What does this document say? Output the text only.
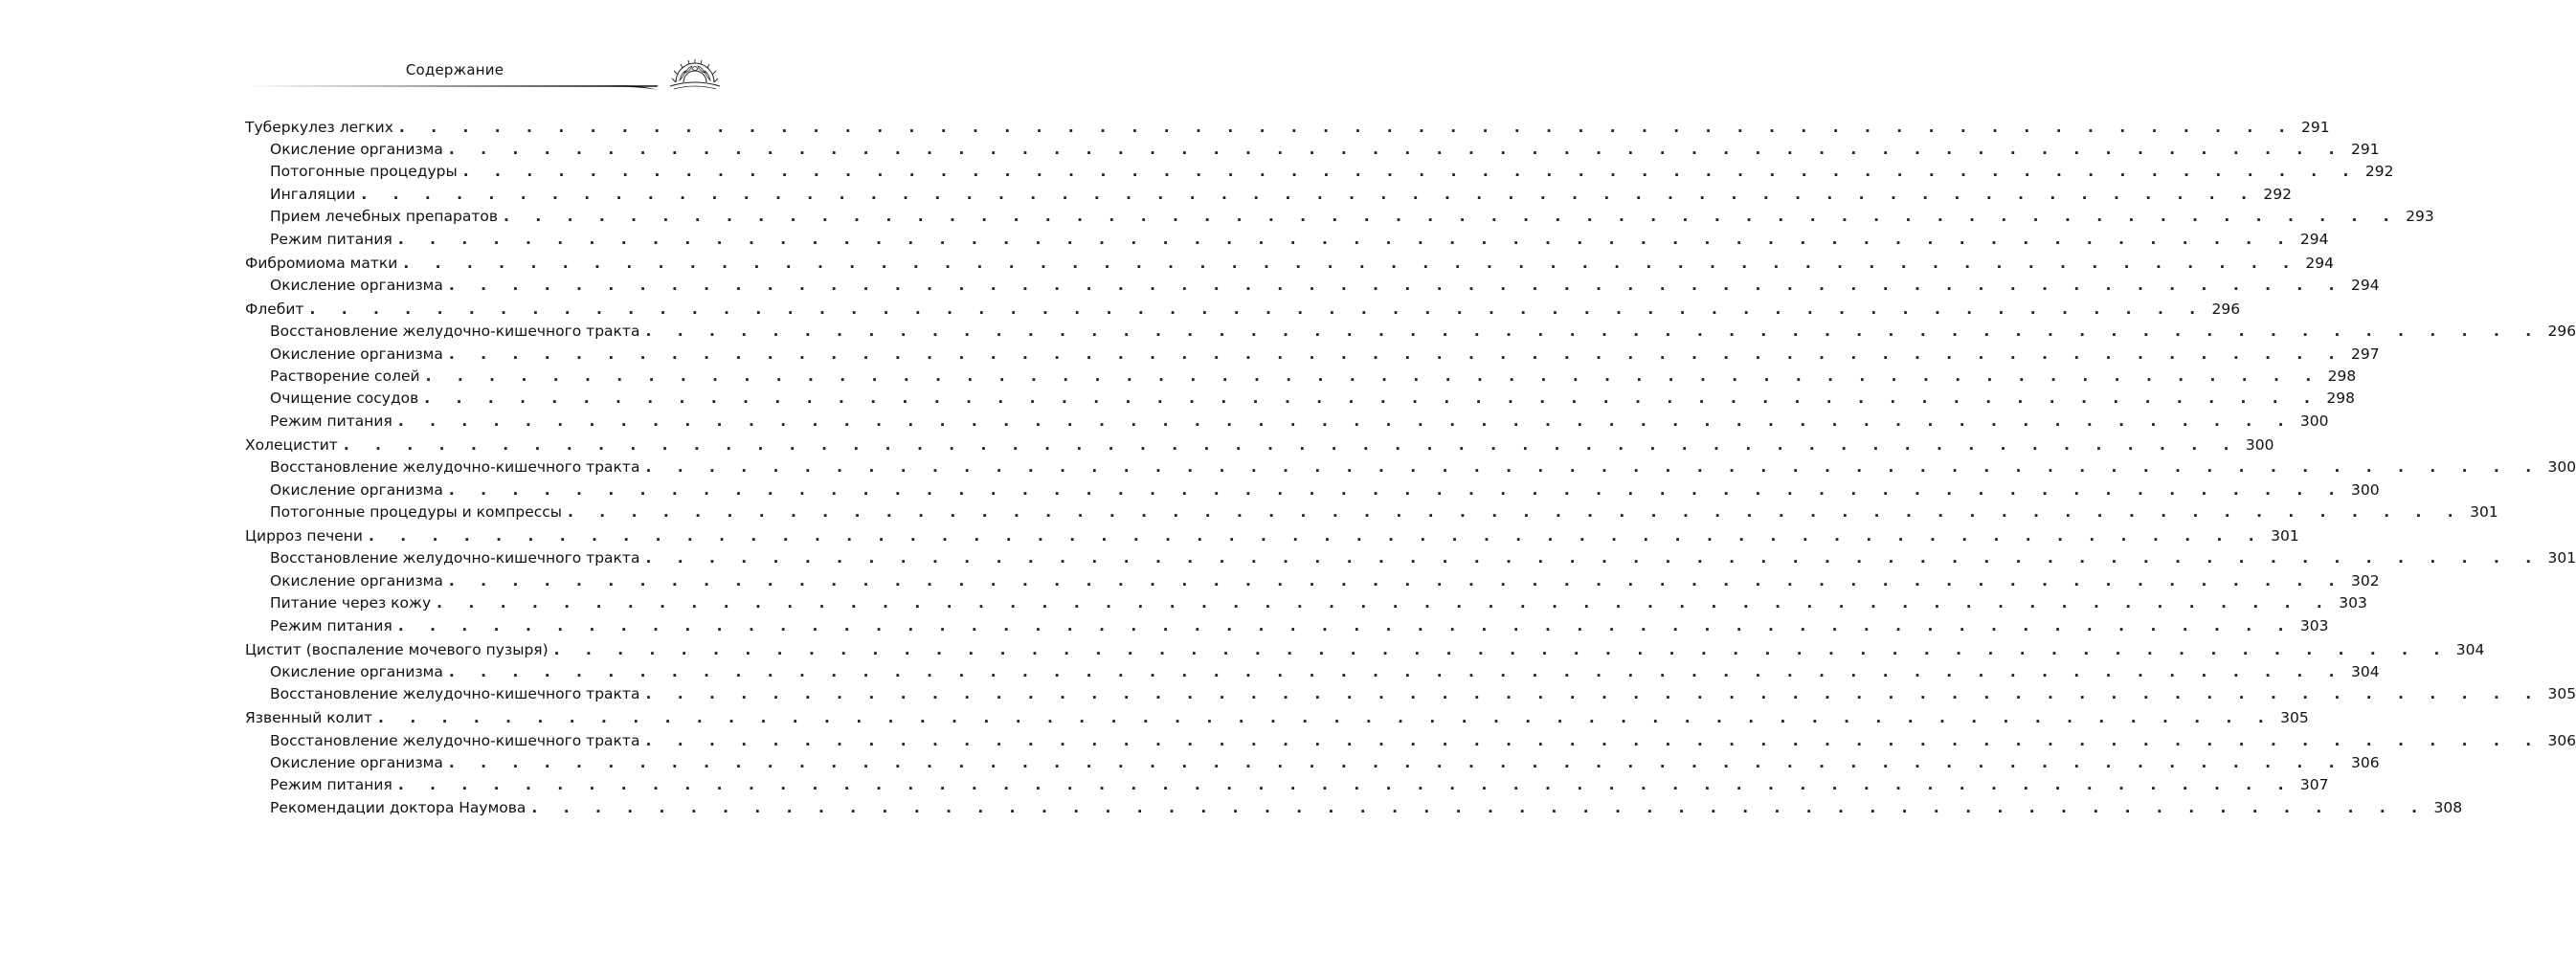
Содержание
Туберкулез легких . . . . . . . . . . . . . . . . . . . . . . . . . . . . . . . . . . . . . . . . . . . . . . . . . . . . . . . . . . . . 291
Окисление организма . . . . . . . . . . . . . . . . . . . . . . . . . . . . . . . . . . . . . . . . . . . . . . . . . . . . . . . . . . . . 291
Потогонные процедуры . . . . . . . . . . . . . . . . . . . . . . . . . . . . . . . . . . . . . . . . . . . . . . . . . . . . . . . . . . . . 292
Ингаляции . . . . . . . . . . . . . . . . . . . . . . . . . . . . . . . . . . . . . . . . . . . . . . . . . . . . . . . . . . . . 292
Прием лечебных препаратов . . . . . . . . . . . . . . . . . . . . . . . . . . . . . . . . . . . . . . . . . . . . . . . . . . . . . . . . . . . . 293
Режим питания . . . . . . . . . . . . . . . . . . . . . . . . . . . . . . . . . . . . . . . . . . . . . . . . . . . . . . . . . . . . 294
Фибромиома матки . . . . . . . . . . . . . . . . . . . . . . . . . . . . . . . . . . . . . . . . . . . . . . . . . . . . . . . . . . . . 294
Окисление организма . . . . . . . . . . . . . . . . . . . . . . . . . . . . . . . . . . . . . . . . . . . . . . . . . . . . . . . . . . . . 294
Флебит . . . . . . . . . . . . . . . . . . . . . . . . . . . . . . . . . . . . . . . . . . . . . . . . . . . . . . . . . . . . 296
Восстановление желудочно-кишечного тракта . . . . . . . . . . . . . . . . . . . . . . . . . . . . . . . . . . . . . . . . . . . . . . . . . . . . . . . . . . . . 296
Окисление организма . . . . . . . . . . . . . . . . . . . . . . . . . . . . . . . . . . . . . . . . . . . . . . . . . . . . . . . . . . . . 297
Растворение солей . . . . . . . . . . . . . . . . . . . . . . . . . . . . . . . . . . . . . . . . . . . . . . . . . . . . . . . . . . . . 298
Очищение сосудов . . . . . . . . . . . . . . . . . . . . . . . . . . . . . . . . . . . . . . . . . . . . . . . . . . . . . . . . . . . . 298
Режим питания . . . . . . . . . . . . . . . . . . . . . . . . . . . . . . . . . . . . . . . . . . . . . . . . . . . . . . . . . . . . 300
Холецистит . . . . . . . . . . . . . . . . . . . . . . . . . . . . . . . . . . . . . . . . . . . . . . . . . . . . . . . . . . . . 300
Восстановление желудочно-кишечного тракта . . . . . . . . . . . . . . . . . . . . . . . . . . . . . . . . . . . . . . . . . . . . . . . . . . . . . . . . . . . . 300
Окисление организма . . . . . . . . . . . . . . . . . . . . . . . . . . . . . . . . . . . . . . . . . . . . . . . . . . . . . . . . . . . . 300
Потогонные процедуры и компрессы . . . . . . . . . . . . . . . . . . . . . . . . . . . . . . . . . . . . . . . . . . . . . . . . . . . . . . . . . . . . 301
Цирроз печени . . . . . . . . . . . . . . . . . . . . . . . . . . . . . . . . . . . . . . . . . . . . . . . . . . . . . . . . . . . . 301
Восстановление желудочно-кишечного тракта . . . . . . . . . . . . . . . . . . . . . . . . . . . . . . . . . . . . . . . . . . . . . . . . . . . . . . . . . . . . 301
Окисление организма . . . . . . . . . . . . . . . . . . . . . . . . . . . . . . . . . . . . . . . . . . . . . . . . . . . . . . . . . . . . 302
Питание через кожу . . . . . . . . . . . . . . . . . . . . . . . . . . . . . . . . . . . . . . . . . . . . . . . . . . . . . . . . . . . . 303
Режим питания . . . . . . . . . . . . . . . . . . . . . . . . . . . . . . . . . . . . . . . . . . . . . . . . . . . . . . . . . . . . 303
Цистит (воспаление мочевого пузыря) . . . . . . . . . . . . . . . . . . . . . . . . . . . . . . . . . . . . . . . . . . . . . . . . . . . . . . . . . . . . 304
Окисление организма . . . . . . . . . . . . . . . . . . . . . . . . . . . . . . . . . . . . . . . . . . . . . . . . . . . . . . . . . . . . 304
Восстановление желудочно-кишечного тракта . . . . . . . . . . . . . . . . . . . . . . . . . . . . . . . . . . . . . . . . . . . . . . . . . . . . . . . . . . . . 305
Язвенный колит . . . . . . . . . . . . . . . . . . . . . . . . . . . . . . . . . . . . . . . . . . . . . . . . . . . . . . . . . . . . 305
Восстановление желудочно-кишечного тракта . . . . . . . . . . . . . . . . . . . . . . . . . . . . . . . . . . . . . . . . . . . . . . . . . . . . . . . . . . . . 306
Окисление организма . . . . . . . . . . . . . . . . . . . . . . . . . . . . . . . . . . . . . . . . . . . . . . . . . . . . . . . . . . . . 306
Режим питания . . . . . . . . . . . . . . . . . . . . . . . . . . . . . . . . . . . . . . . . . . . . . . . . . . . . . . . . . . . . 307
Рекомендации доктора Наумова . . . . . . . . . . . . . . . . . . . . . . . . . . . . . . . . . . . . . . . . . . . . . . . . . . . . . . . . . . . . 308
